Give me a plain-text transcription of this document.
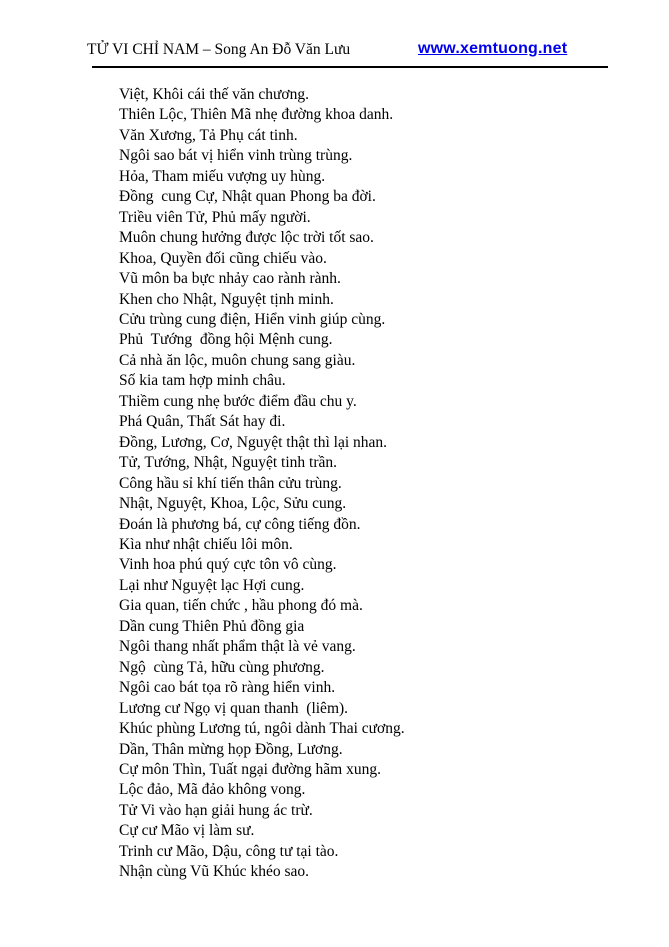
TỬ VI CHỈ NAM – Song An Đỗ Văn Lưu	www.xemtuong.net

Việt, Khôi cái thế văn chương.

Thiên Lộc, Thiên Mã nhẹ đường khoa danh.

Văn Xương, Tả Phụ cát tinh.

Ngôi sao bát vị hiển vinh trùng trùng.

Hỏa, Tham miếu vượng uy hùng.

Đồng  cung Cự, Nhật quan Phong ba đời.

Triều viên Tử, Phủ mấy người.

Muôn chung hưởng được lộc trời tốt sao.

Khoa, Quyền đối cũng chiếu vào.

Vũ môn ba bực nhảy cao rành rành.

Khen cho Nhật, Nguyệt tịnh minh.

Cửu trùng cung điện, Hiển vinh giúp cùng.

Phủ  Tướng  đồng hội Mệnh cung.

Cả nhà ăn lộc, muôn chung sang giàu.

Số kia tam hợp minh châu.

Thiềm cung nhẹ bước điểm đầu chu y.

Phá Quân, Thất Sát hay đi.

Đồng, Lương, Cơ, Nguyệt thật thì lại nhan.

Tử, Tướng, Nhật, Nguyệt tinh trần.

Công hầu sỉ khí tiến thân cửu trùng.

Nhật, Nguyệt, Khoa, Lộc, Sửu cung.

Đoán là phương bá, cự công tiếng đồn.

Kìa như nhật chiếu lôi môn.

Vinh hoa phú quý cực tôn vô cùng.

Lại như Nguyệt lạc Hợi cung.

Gia quan, tiến chức , hầu phong đó mà.

Dần cung Thiên Phủ đồng gia

Ngôi thang nhất phẩm thật là vẻ vang.

Ngộ  cùng Tả, hữu cùng phương.

Ngôi cao bát tọa rõ ràng hiển vinh.

Lương cư Ngọ vị quan thanh  (liêm).

Khúc phùng Lương tú, ngôi dành Thai cương.

Dần, Thân mừng họp Đồng, Lương.

Cự môn Thìn, Tuất ngại đường hãm xung.

Lộc đảo, Mã đảo không vong.

Tử Vi vào hạn giải hung ác trừ.

Cự cư Mão vị làm sư.

Trinh cư Mão, Dậu, công tư tại tào.

Nhận cùng Vũ Khúc khéo sao.
